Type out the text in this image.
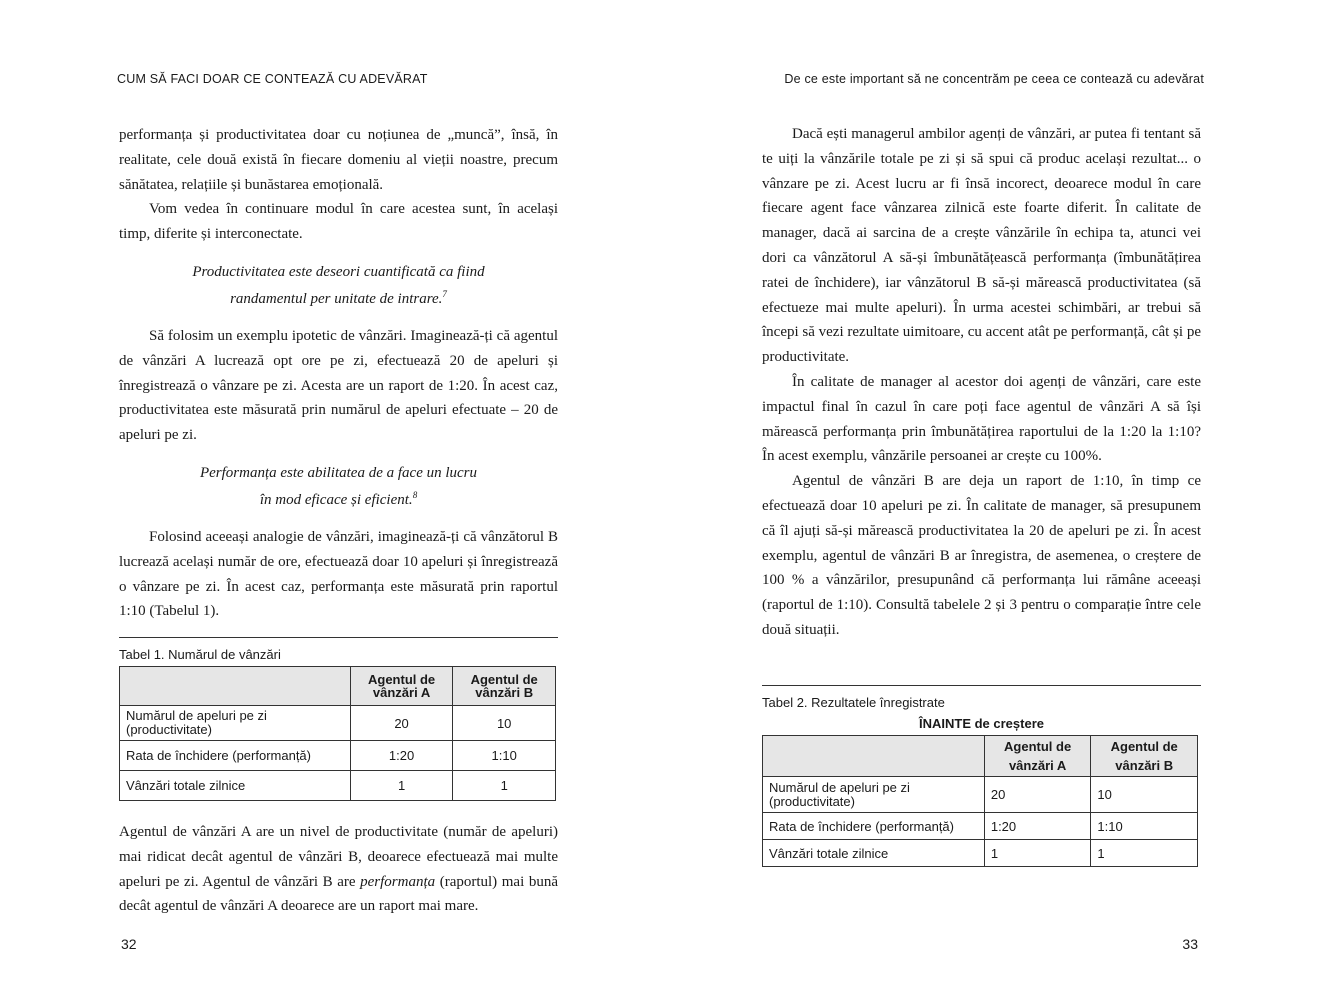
CUM SĂ FACI DOAR CE CONTEAZĂ CU ADEVĂRAT

performanța și productivitatea doar cu noțiunea de „muncă”, însă, în realitate, cele două există în fiecare domeniu al vieții noastre, precum sănătatea, relațiile și bunăstarea emoțională.

Vom vedea în continuare modul în care acestea sunt, în același timp, diferite și interconectate.

Productivitatea este deseori cuantificată ca fiind
randamentul per unitate de intrare.$^7$

Să folosim un exemplu ipotetic de vânzări. Imaginează-ți că agentul de vânzări A lucrează opt ore pe zi, efectuează 20 de apeluri și înregistrează o vânzare pe zi. Acesta are un raport de 1:20. În acest caz, productivitatea este măsurată prin numărul de apeluri efectuate – 20 de apeluri pe zi.

Performanța este abilitatea de a face un lucru
în mod eficace și eficient.$^8$

Folosind aceeași analogie de vânzări, imaginează-ți că vânzătorul B lucrează același număr de ore, efectuează doar 10 apeluri și înregistrează o vânzare pe zi. În acest caz, performanța este măsurată prin raportul 1:10 (Tabelul 1).

Tabel 1. Numărul de vânzări
	Agentul de vânzări A	Agentul de vânzări B
Numărul de apeluri pe zi (productivitate)	20	10
Rata de închidere (performanță)	1:20	1:10
Vânzări totale zilnice	1	1

Agentul de vânzări A are un nivel de productivitate (număr de apeluri) mai ridicat decât agentul de vânzări B, deoarece efectuează mai multe apeluri pe zi. Agentul de vânzări B are performanța (raportul) mai bună decât agentul de vânzări A deoarece are un raport mai mare.

32
De ce este important să ne concentrăm pe ceea ce contează cu adevărat

Dacă ești managerul ambilor agenți de vânzări, ar putea fi tentant să te uiți la vânzările totale pe zi și să spui că produc același rezultat... o vânzare pe zi. Acest lucru ar fi însă incorect, deoarece modul în care fiecare agent face vânzarea zilnică este foarte diferit. În calitate de manager, dacă ai sarcina de a crește vânzările în echipa ta, atunci vei dori ca vânzătorul A să-și îmbunătățească performanța (îmbunătățirea ratei de închidere), iar vânzătorul B să-și mărească productivitatea (să efectueze mai multe apeluri). În urma acestei schimbări, ar trebui să începi să vezi rezultate uimitoare, cu accent atât pe performanță, cât și pe productivitate.

În calitate de manager al acestor doi agenți de vânzări, care este impactul final în cazul în care poți face agentul de vânzări A să își mărească performanța prin îmbunătățirea raportului de la 1:20 la 1:10? În acest exemplu, vânzările persoanei ar crește cu 100%.

Agentul de vânzări B are deja un raport de 1:10, în timp ce efectuează doar 10 apeluri pe zi. În calitate de manager, să presupunem că îl ajuți să-și mărească productivitatea la 20 de apeluri pe zi. În acest exemplu, agentul de vânzări B ar înregistra, de asemenea, o creștere de 100 % a vânzărilor, presupunând că performanța lui rămâne aceeași (raportul de 1:10). Consultă tabelele 2 și 3 pentru o comparație între cele două situații.

Tabel 2. Rezultatele înregistrate
ÎNAINTE de creștere
	Agentul de vânzări A	Agentul de vânzări B
Numărul de apeluri pe zi (productivitate)	20	10
Rata de închidere (performanță)	1:20	1:10
Vânzări totale zilnice	1	1
33
